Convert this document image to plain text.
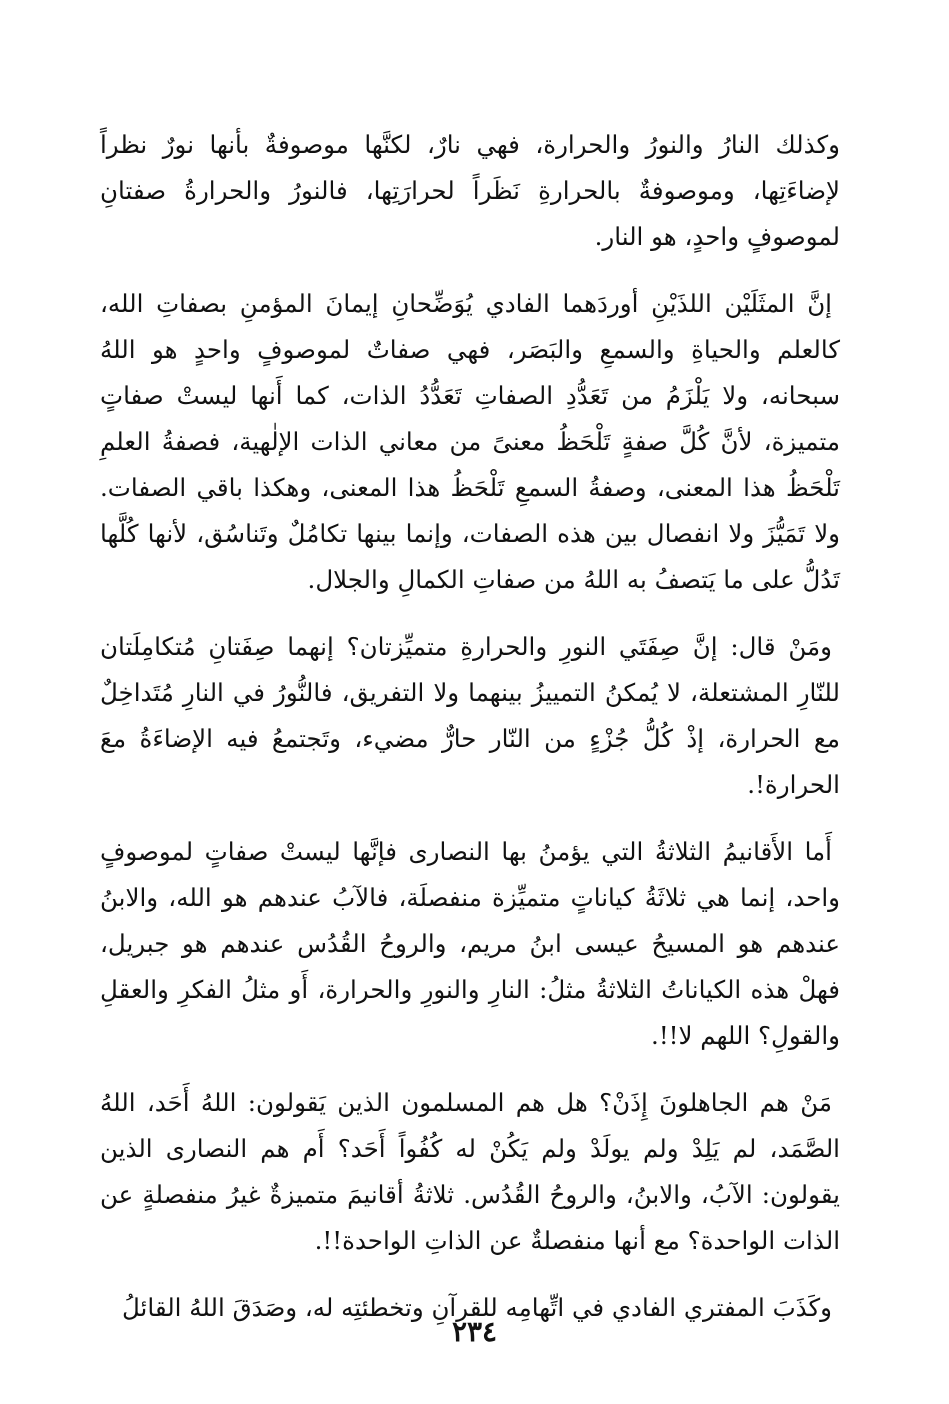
وكذلك النارُ والنورُ والحرارة، فهي نارٌ، لكنَّها موصوفةٌ بأنها نورٌ نظراً لإضاءَتِها، وموصوفةٌ بالحرارةِ نَظَراً لحرارَتِها، فالنورُ والحرارةُ صفتانِ لموصوفٍ واحدٍ، هو النار.

إنَّ المثَلَيْن اللذَيْنِ أوردَهما الفادي يُوَضِّحانِ إيمانَ المؤمنِ بصفاتِ الله، كالعلم والحياةِ والسمعِ والبَصَر، فهي صفاتٌ لموصوفٍ واحدٍ هو اللهُ سبحانه، ولا يَلْزَمُ من تَعَدُّدِ الصفاتِ تَعَدُّدُ الذات، كما أَنها ليستْ صفاتٍ متميزة، لأنَّ كُلَّ صفةٍ تَلْحَظُ معنىً من معاني الذات الإلٰهية، فصفةُ العلمِ تَلْحَظُ هذا المعنى، وصفةُ السمعِ تَلْحَظُ هذا المعنى، وهكذا باقي الصفات. ولا تَمَيُّزَ ولا انفصال بين هذه الصفات، وإنما بينها تكامُلٌ وتَناسُق، لأنها كُلَّها تَدُلُّ على ما يَتصفُ به اللهُ من صفاتِ الكمالِ والجلال.

ومَنْ قال: إنَّ صِفَتَي النورِ والحرارةِ متميِّزتان؟ إنهما صِفَتانِ مُتكامِلَتان للنّارِ المشتعلة، لا يُمكنُ التمييزُ بينهما ولا التفريق، فالنُّورُ في النارِ مُتَداخِلٌ مع الحرارة، إذْ كُلُّ جُزْءٍ من النّار حارٌّ مضيء، وتَجتمعُ فيه الإضاءَةُ معَ الحرارة!.

أَما الأَقانيمُ الثلاثةُ التي يؤمنُ بها النصارى فإنَّها ليستْ صفاتٍ لموصوفٍ واحد، إنما هي ثلاثَةُ كياناتٍ متميِّزة منفصلَة، فالآبُ عندهم هو الله، والابنُ عندهم هو المسيحُ عيسى ابنُ مريم، والروحُ القُدُس عندهم هو جبريل، فهلْ هذه الكياناتُ الثلاثةُ مثلُ: النارِ والنورِ والحرارة، أَو مثلُ الفكرِ والعقلِ والقولِ؟ اللهم لا!!.

مَنْ هم الجاهلونَ إِذَنْ؟ هل هم المسلمون الذين يَقولون: اللهُ أَحَد، اللهُ الصَّمَد، لم يَلِدْ ولم يولَدْ ولم يَكُنْ له كُفُواً أَحَد؟ أَم هم النصارى الذين يقولون: الآبُ، والابنُ، والروحُ القُدُس. ثلاثةُ أقانيمَ متميزةٌ غيرُ منفصلةٍ عن الذات الواحدة؟ مع أنها منفصلةٌ عن الذاتِ الواحدة!!.

وكَذَبَ المفتري الفادي في اتِّهامِه للقرآنِ وتخطئتِه له، وصَدَقَ اللهُ القائلُ

٢٣٤
